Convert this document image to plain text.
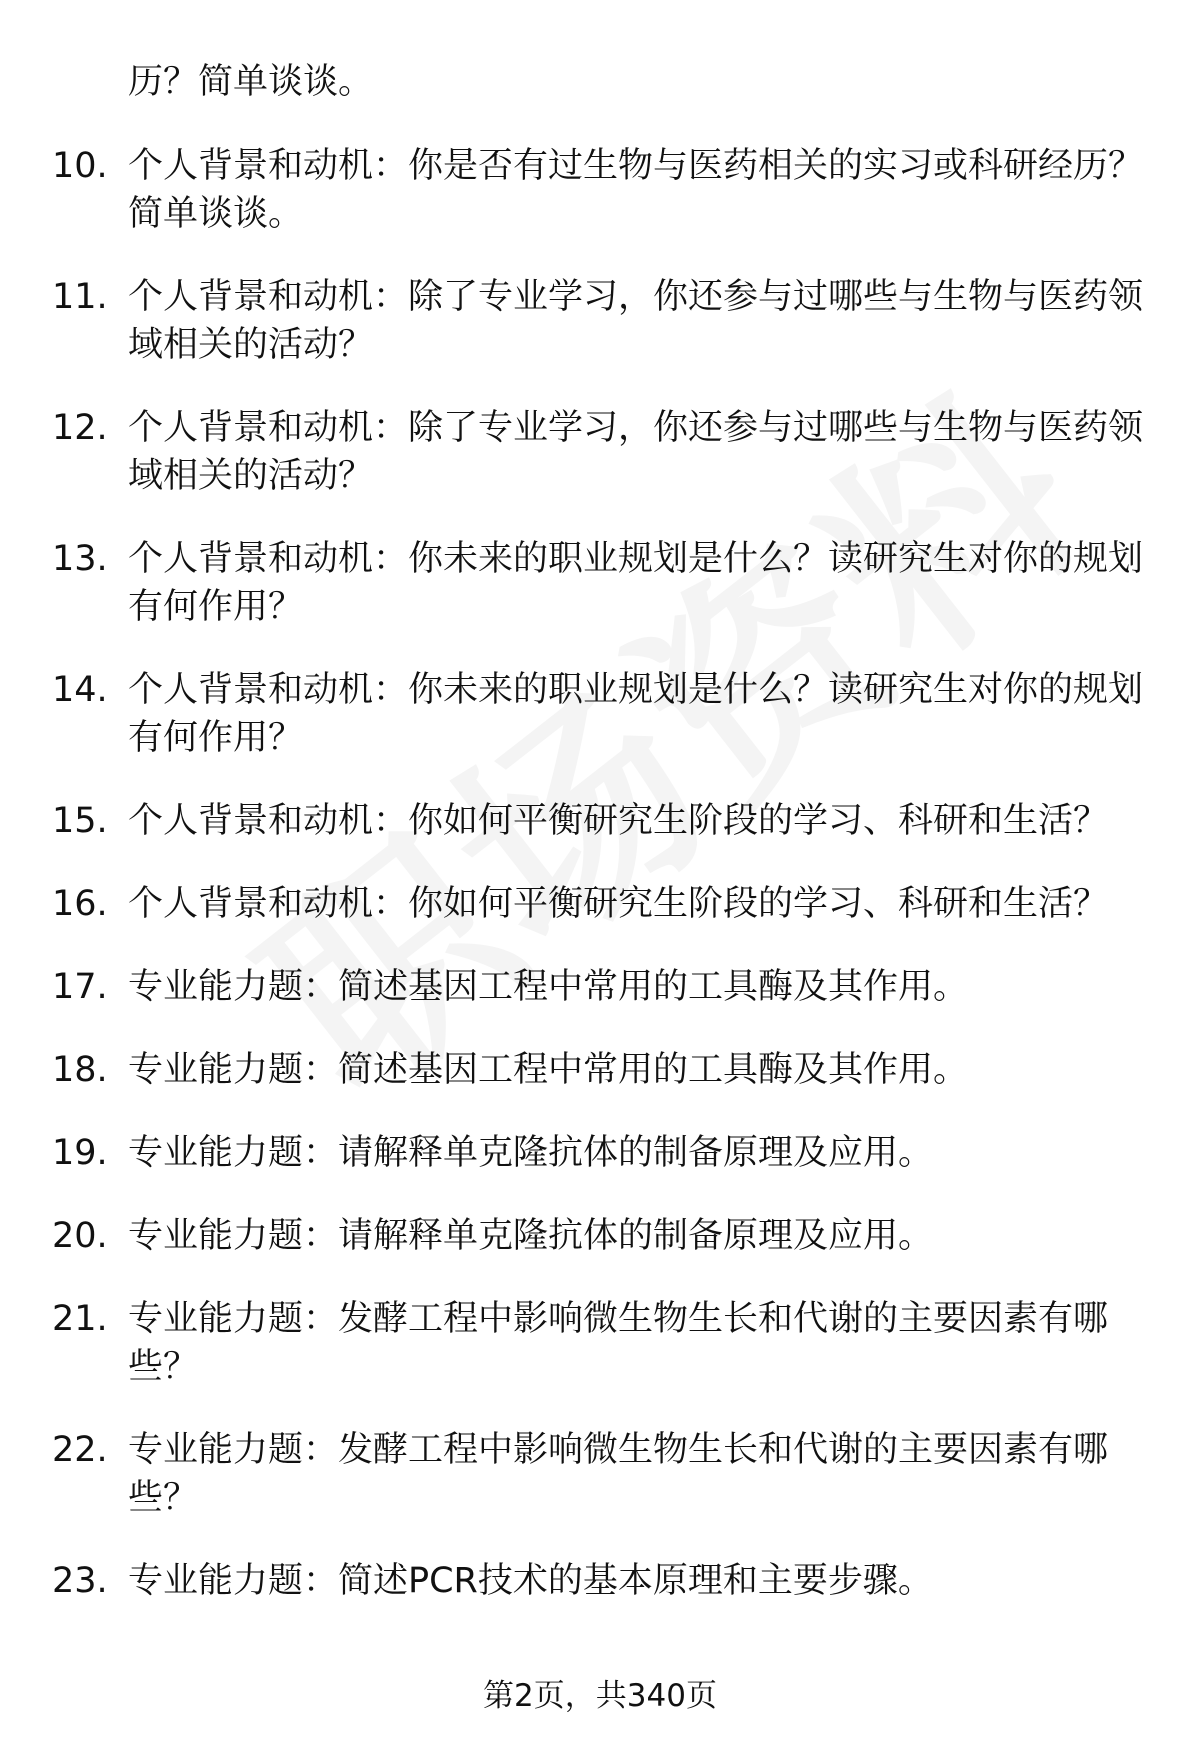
历？简单谈谈。

10. 个人背景和动机：你是否有过生物与医药相关的实习或科研经历？简单谈谈。
11. 个人背景和动机：除了专业学习，你还参与过哪些与生物与医药领域相关的活动？
12. 个人背景和动机：除了专业学习，你还参与过哪些与生物与医药领域相关的活动？
13. 个人背景和动机：你未来的职业规划是什么？读研究生对你的规划有何作用？
14. 个人背景和动机：你未来的职业规划是什么？读研究生对你的规划有何作用？
15. 个人背景和动机：你如何平衡研究生阶段的学习、科研和生活？
16. 个人背景和动机：你如何平衡研究生阶段的学习、科研和生活？
17. 专业能力题：简述基因工程中常用的工具酶及其作用。
18. 专业能力题：简述基因工程中常用的工具酶及其作用。
19. 专业能力题：请解释单克隆抗体的制备原理及应用。
20. 专业能力题：请解释单克隆抗体的制备原理及应用。
21. 专业能力题：发酵工程中影响微生物生长和代谢的主要因素有哪些？
22. 专业能力题：发酵工程中影响微生物生长和代谢的主要因素有哪些？
23. 专业能力题：简述PCR技术的基本原理和主要步骤。
第2页，共340页
